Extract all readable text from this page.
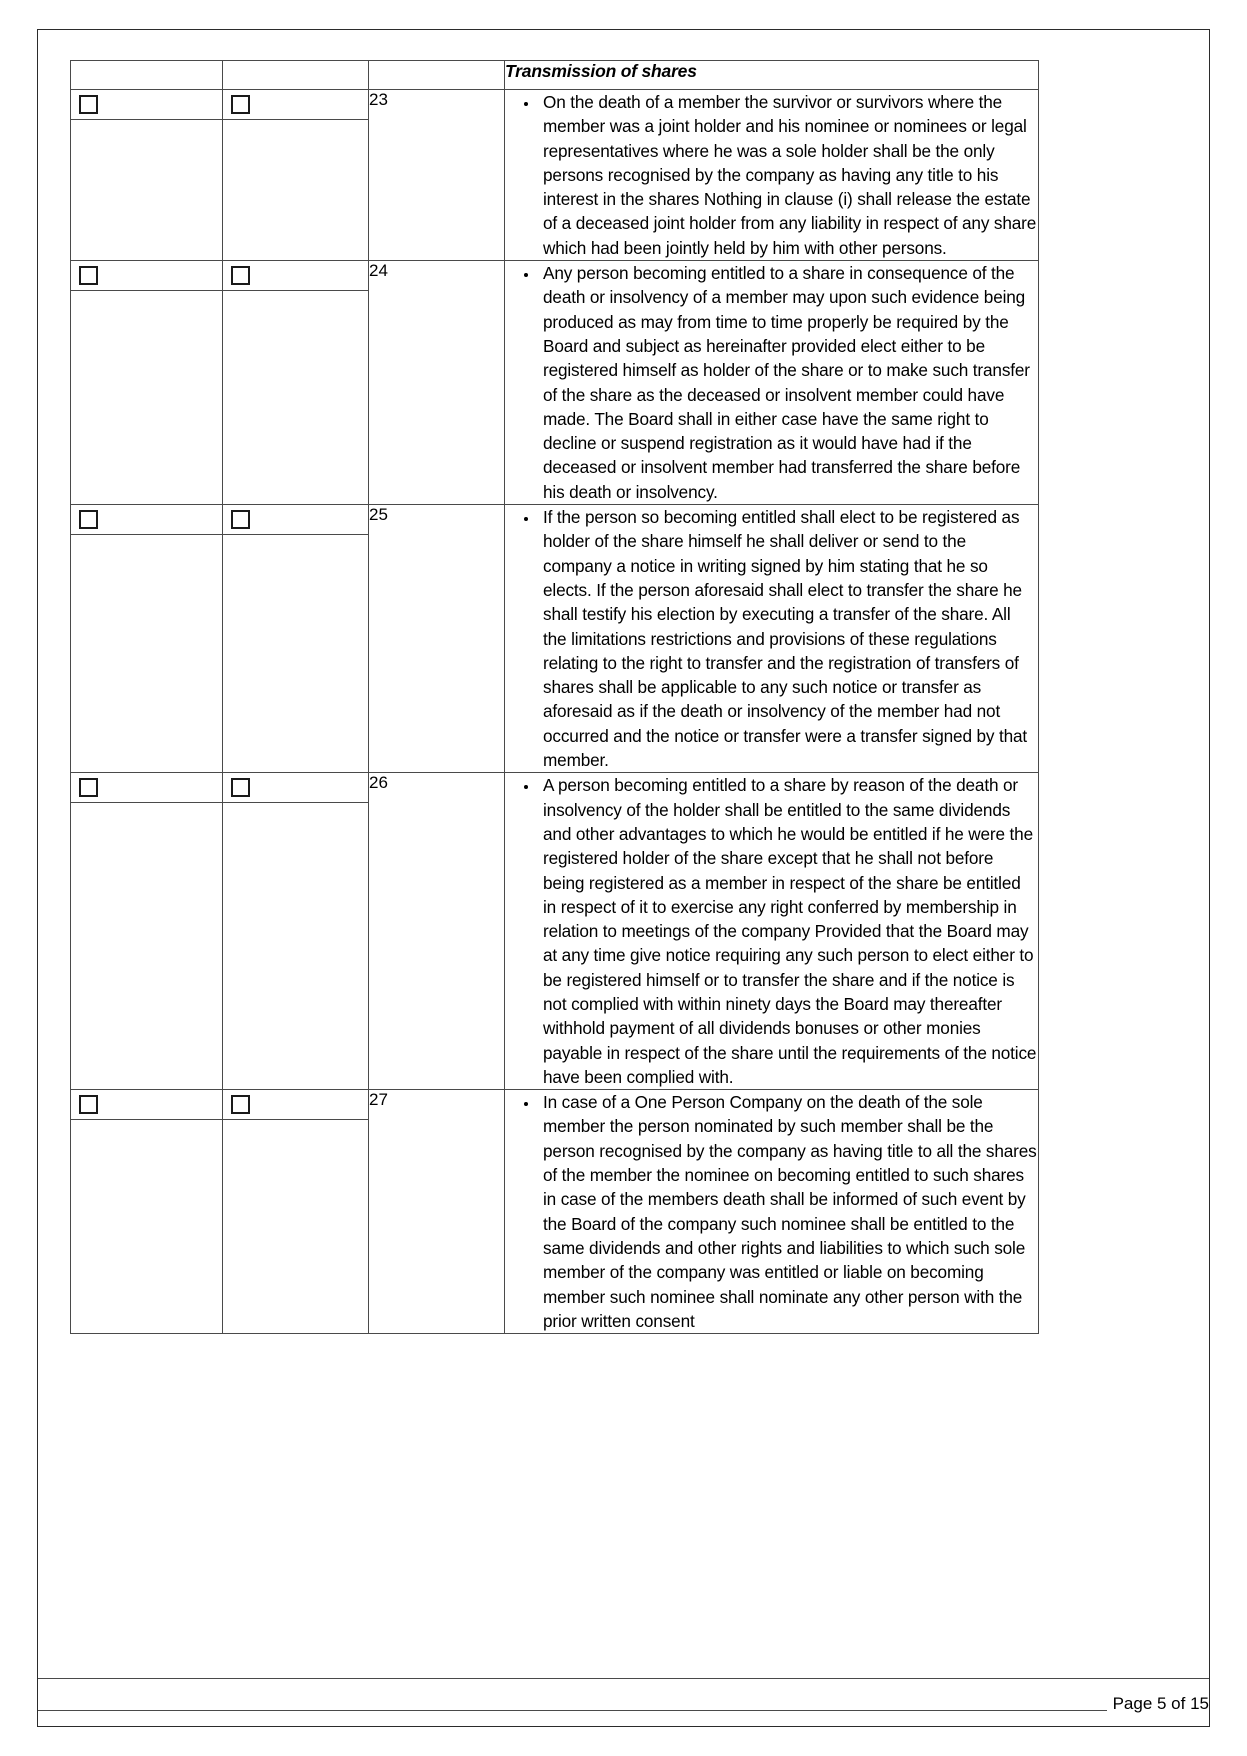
			Transmission of shares

	23	
•On the death of a member the survivor or survivors where the member was a joint holder and his nominee or nominees or legal representatives where he was a sole holder shall be the only persons recognised by the company as having any title to his interest in the shares Nothing in clause (i) shall release the estate of a deceased joint holder from any liability in respect of any share which had been jointly held by him with other persons.

	24	
•Any person becoming entitled to a share in consequence of the death or insolvency of a member may upon such evidence being produced as may from time to time properly be required by the Board and subject as hereinafter provided elect either to be registered himself as holder of the share or to make such transfer of the share as the deceased or insolvent member could have made. The Board shall in either case have the same right to decline or suspend registration as it would have had if the deceased or insolvent member had transferred the share before his death or insolvency.

	25	
•If the person so becoming entitled shall elect to be registered as holder of the share himself he shall deliver or send to the company a notice in writing signed by him stating that he so elects. If the person aforesaid shall elect to transfer the share he shall testify his election by executing a transfer of the share. All the limitations restrictions and provisions of these regulations relating to the right to transfer and the registration of transfers of shares shall be applicable to any such notice or transfer as aforesaid as if the death or insolvency of the member had not occurred and the notice or transfer were a transfer signed by that member.

	26	
•A person becoming entitled to a share by reason of the death or insolvency of the holder shall be entitled to the same dividends and other advantages to which he would be entitled if he were the registered holder of the share except that he shall not before being registered as a member in respect of the share be entitled in respect of it to exercise any right conferred by membership in relation to meetings of the company Provided that the Board may at any time give notice requiring any such person to elect either to be registered himself or to transfer the share and if the notice is not complied with within ninety days the Board may thereafter withhold payment of all dividends bonuses or other monies payable in respect of the share until the requirements of the notice have been complied with.

	27	
•In case of a One Person Company on the death of the sole member the person nominated by such member shall be the person recognised by the company as having title to all the shares of the member the nominee on becoming entitled to such shares in case of the members death shall be informed of such event by the Board of the company such nominee shall be entitled to the same dividends and other rights and liabilities to which such sole member of the company was entitled or liable on becoming member such nominee shall nominate any other person with the prior written consent
Page 5 of 15
